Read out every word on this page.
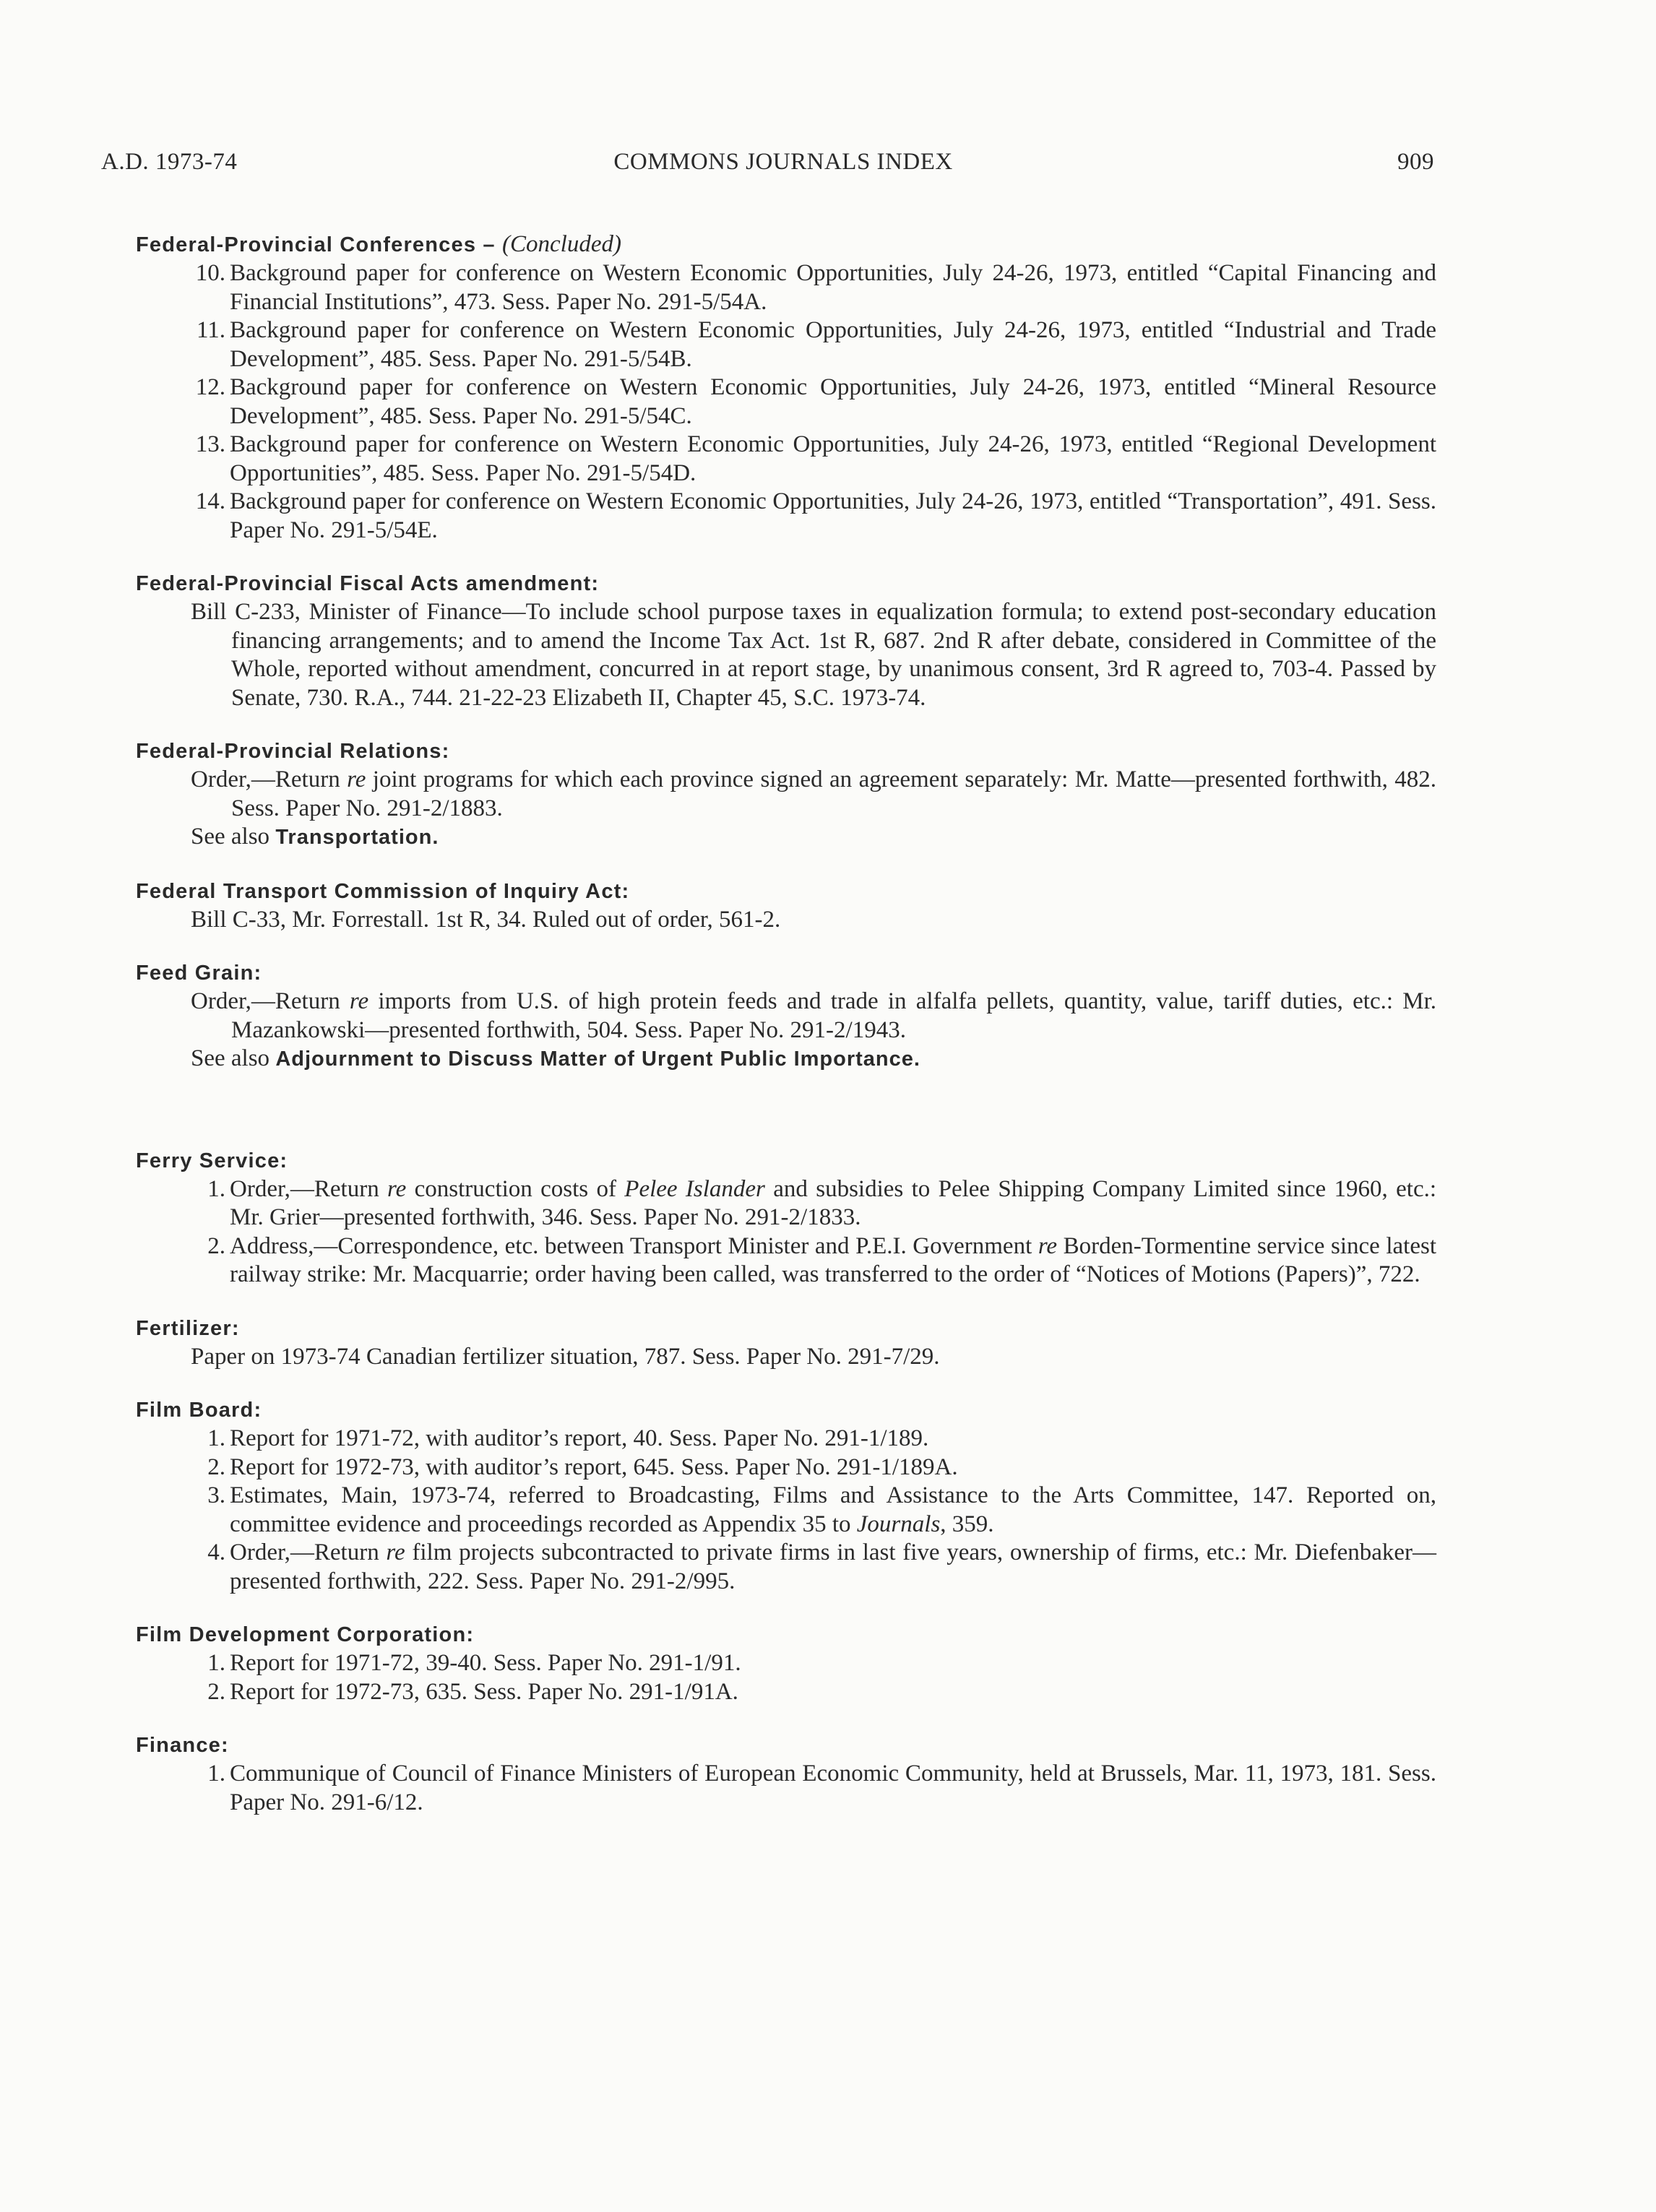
A.D. 1973-74	COMMONS JOURNALS INDEX	909
Federal-Provincial Conferences – (Concluded)
10. Background paper for conference on Western Economic Opportunities, July 24-26, 1973, entitled “Capital Financing and Financial Institutions”, 473. Sess. Paper No. 291-5/54A.
11. Background paper for conference on Western Economic Opportunities, July 24-26, 1973, entitled “Industrial and Trade Development”, 485. Sess. Paper No. 291-5/54B.
12. Background paper for conference on Western Economic Opportunities, July 24-26, 1973, entitled “Mineral Resource Development”, 485. Sess. Paper No. 291-5/54C.
13. Background paper for conference on Western Economic Opportunities, July 24-26, 1973, entitled “Regional Development Opportunities”, 485. Sess. Paper No. 291-5/54D.
14. Background paper for conference on Western Economic Opportunities, July 24-26, 1973, entitled “Transportation”, 491. Sess. Paper No. 291-5/54E.
Federal-Provincial Fiscal Acts amendment:
Bill C-233, Minister of Finance—To include school purpose taxes in equalization formula; to extend post-secondary education financing arrangements; and to amend the Income Tax Act. 1st R, 687. 2nd R after debate, considered in Committee of the Whole, reported without amendment, concurred in at report stage, by unanimous consent, 3rd R agreed to, 703-4. Passed by Senate, 730. R.A., 744. 21-22-23 Elizabeth II, Chapter 45, S.C. 1973-74.
Federal-Provincial Relations:
Order,—Return re joint programs for which each province signed an agreement separately: Mr. Matte—presented forthwith, 482. Sess. Paper No. 291-2/1883.
See also Transportation.
Federal Transport Commission of Inquiry Act:
Bill C-33, Mr. Forrestall. 1st R, 34. Ruled out of order, 561-2.
Feed Grain:
Order,—Return re imports from U.S. of high protein feeds and trade in alfalfa pellets, quantity, value, tariff duties, etc.: Mr. Mazankowski—presented forthwith, 504. Sess. Paper No. 291-2/1943.
See also Adjournment to Discuss Matter of Urgent Public Importance.
Ferry Service:
1. Order,—Return re construction costs of Pelee Islander and subsidies to Pelee Shipping Company Limited since 1960, etc.: Mr. Grier—presented forthwith, 346. Sess. Paper No. 291-2/1833.
2. Address,—Correspondence, etc. between Transport Minister and P.E.I. Government re Borden-Tormentine service since latest railway strike: Mr. Macquarrie; order having been called, was transferred to the order of “Notices of Motions (Papers)”, 722.
Fertilizer:
Paper on 1973-74 Canadian fertilizer situation, 787. Sess. Paper No. 291-7/29.
Film Board:
1. Report for 1971-72, with auditor’s report, 40. Sess. Paper No. 291-1/189.
2. Report for 1972-73, with auditor’s report, 645. Sess. Paper No. 291-1/189A.
3. Estimates, Main, 1973-74, referred to Broadcasting, Films and Assistance to the Arts Committee, 147. Reported on, committee evidence and proceedings recorded as Appendix 35 to Journals, 359.
4. Order,—Return re film projects subcontracted to private firms in last five years, ownership of firms, etc.: Mr. Diefenbaker—presented forthwith, 222. Sess. Paper No. 291-2/995.
Film Development Corporation:
1. Report for 1971-72, 39-40. Sess. Paper No. 291-1/91.
2. Report for 1972-73, 635. Sess. Paper No. 291-1/91A.
Finance:
1. Communique of Council of Finance Ministers of European Economic Community, held at Brussels, Mar. 11, 1973, 181. Sess. Paper No. 291-6/12.
